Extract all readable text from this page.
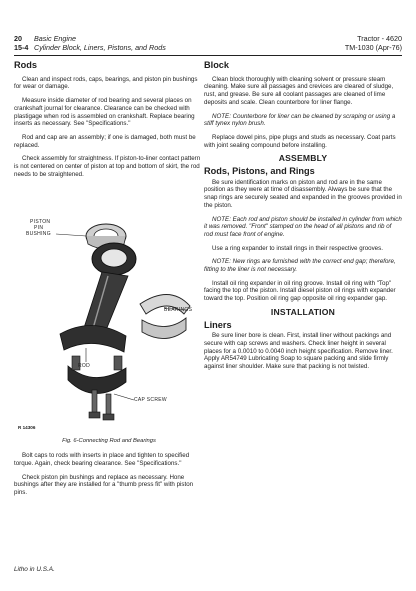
20 Basic Engine
15-4 Cylinder Block, Liners, Pistons, and Rods
Tractor - 4620
TM-1030 (Apr-76)
Rods

Clean and inspect rods, caps, bearings, and piston pin bushings for wear or damage.

Measure inside diameter of rod bearing and several places on crankshaft journal for clearance. Clearance can be checked with plastigage when rod is assembled on crankshaft. Replace bearing inserts as necessary. See "Specifications."

Rod and cap are an assembly; if one is damaged, both must be replaced.

Check assembly for straightness. If piston-to-liner contact pattern is not centered on center of piston at top and bottom of skirt, the rod needs to be straightened.

PISTON
PIN
BUSHING
BEARINGS
ROD
CAP SCREW
R 14306
Fig. 6-Connecting Rod and Bearings

Bolt caps to rods with inserts in place and tighten to specified torque. Again, check bearing clearance. See "Specifications."

Check piston pin bushings and replace as necessary. Hone bushings after they are installed for a "thumb press fit" with piston pins.

Block

Clean block thoroughly with cleaning solvent or pressure steam cleaning. Make sure all passages and crevices are cleared of sludge, rust, and grease. Be sure all coolant passages are cleaned of lime deposits and scale. Clean counterbore for liner flange.

NOTE: Counterbore for liner can be cleaned by scraping or using a stiff tynex nylon brush.

Replace dowel pins, pipe plugs and studs as necessary. Coat parts with joint sealing compound before installing.

ASSEMBLY
Rods, Pistons, and Rings

Be sure identification marks on piston and rod are in the same position as they were at time of disassembly. Always be sure that the snap rings are securely seated and expanded in the grooves provided in the piston.

NOTE: Each rod and piston should be installed in cylinder from which it was removed. "Front" stamped on the head of all pistons and rib of rod must face front of engine.

Use a ring expander to install rings in their respective grooves.

NOTE: New rings are furnished with the correct end gap; therefore, fitting to the liner is not necessary.

Install oil ring expander in oil ring groove. Install oil ring with "Top" facing the top of the piston. Install diesel piston oil rings with expander toward the top. Position oil ring gap opposite oil ring expander gap.

INSTALLATION
Liners

Be sure liner bore is clean. First, install liner without packings and secure with cap screws and washers. Check liner height in several places for a 0.0010 to 0.0040 inch height specification. Remove liner. Apply AR54749 Lubricating Soap to square packing and slide firmly against liner shoulder. Make sure that packing is not twisted.

Litho in U.S.A.
